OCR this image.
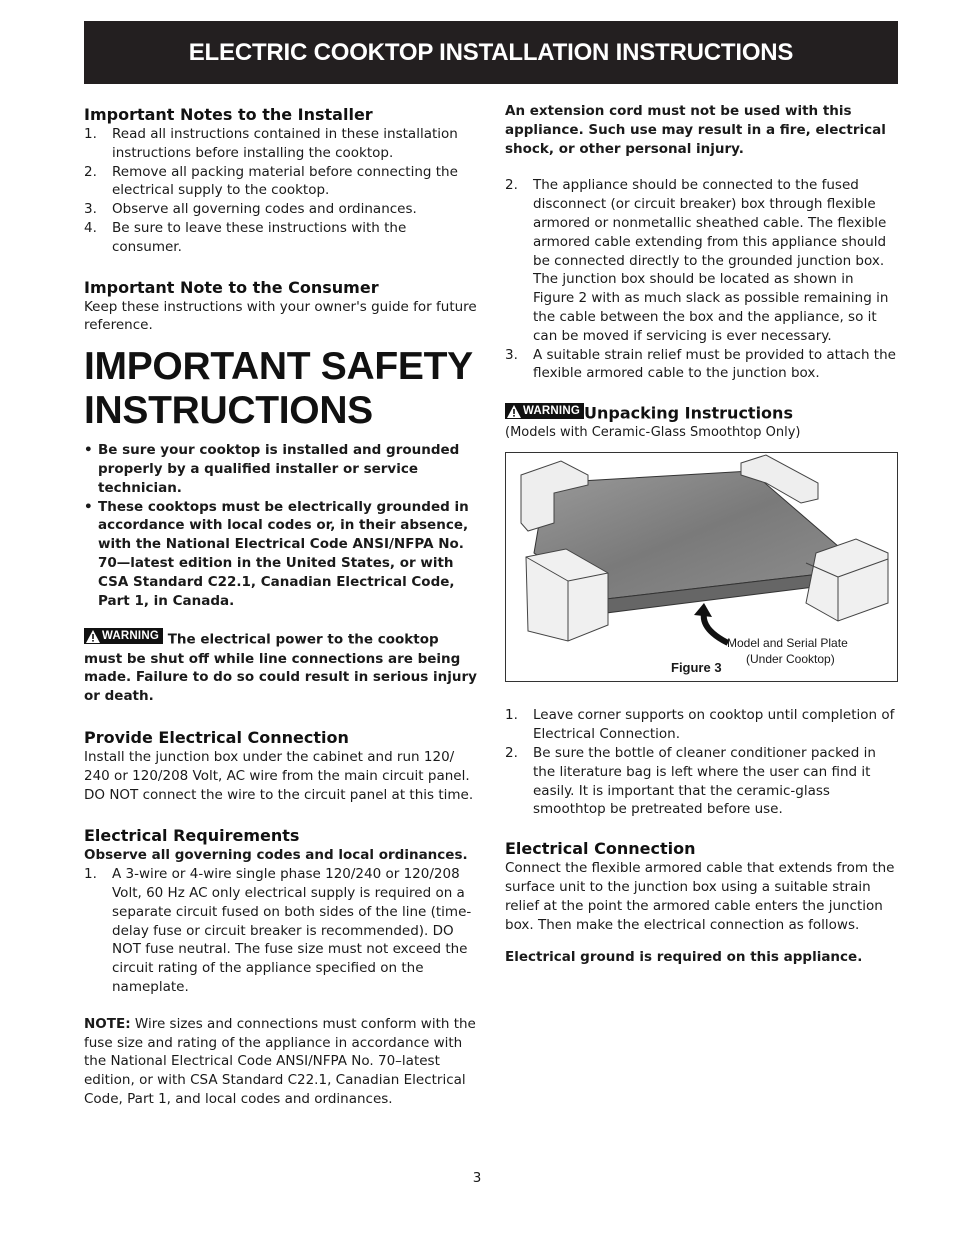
ELECTRIC COOKTOP INSTALLATION INSTRUCTIONS
Important Notes to the Installer
1. Read all instructions contained in these installation instructions before installing the cooktop.
2. Remove all packing material before connecting the electrical supply to the cooktop.
3. Observe all governing codes and ordinances.
4. Be sure to leave these instructions with the consumer.
Important Note to the Consumer

Keep these instructions with your owner's guide for future reference.

IMPORTANT SAFETY

INSTRUCTIONS

• Be sure your cooktop is installed and grounded properly by a qualified installer or service technician.
• These cooktops must be electrically grounded in accordance with local codes or, in their absence, with the National Electrical Code ANSI/NFPA No. 70—latest edition in the United States, or with CSA Standard C22.1, Canadian Electrical Code, Part 1, in Canada.

WARNING The electrical power to the cooktop must be shut off while line connections are being made. Failure to do so could result in serious injury or death.

Provide Electrical Connection

Install the junction box under the cabinet and run 120/ 240 or 120/208 Volt, AC wire from the main circuit panel. DO NOT connect the wire to the circuit panel at this time.

Electrical Requirements

Observe all governing codes and local ordinances.

1. A 3-wire or 4-wire single phase 120/240 or 120/208 Volt, 60 Hz AC only electrical supply is required on a separate circuit fused on both sides of the line (time-delay fuse or circuit breaker is recommended). DO NOT fuse neutral. The fuse size must not exceed the circuit rating of the appliance specified on the nameplate.

NOTE: Wire sizes and connections must conform with the fuse size and rating of the appliance in accordance with the National Electrical Code ANSI/NFPA No. 70–latest edition, or with CSA Standard C22.1, Canadian Electrical Code, Part 1, and local codes and ordinances.

An extension cord must not be used with this appliance. Such use may result in a fire, electrical shock, or other personal injury.

2. The appliance should be connected to the fused disconnect (or circuit breaker) box through flexible armored or nonmetallic sheathed cable. The flexible armored cable extending from this appliance should be connected directly to the grounded junction box. The junction box should be located as shown in Figure 2 with as much slack as possible remaining in the cable between the box and the appliance, so it can be moved if servicing is ever necessary.
3. A suitable strain relief must be provided to attach the flexible armored cable to the junction box.
WARNING Unpacking Instructions

(Models with Ceramic-Glass Smoothtop Only)

Model and Serial Plate
(Under Cooktop)
Figure 3
1. Leave corner supports on cooktop until completion of Electrical Connection.
2. Be sure the bottle of cleaner conditioner packed in the literature bag is left where the user can find it easily. It is important that the ceramic-glass smoothtop be pretreated before use.
Electrical Connection

Connect the flexible armored cable that extends from the surface unit to the junction box using a suitable strain relief at the point the armored cable enters the junction box. Then make the electrical connection as follows.

Electrical ground is required on this appliance.

3
